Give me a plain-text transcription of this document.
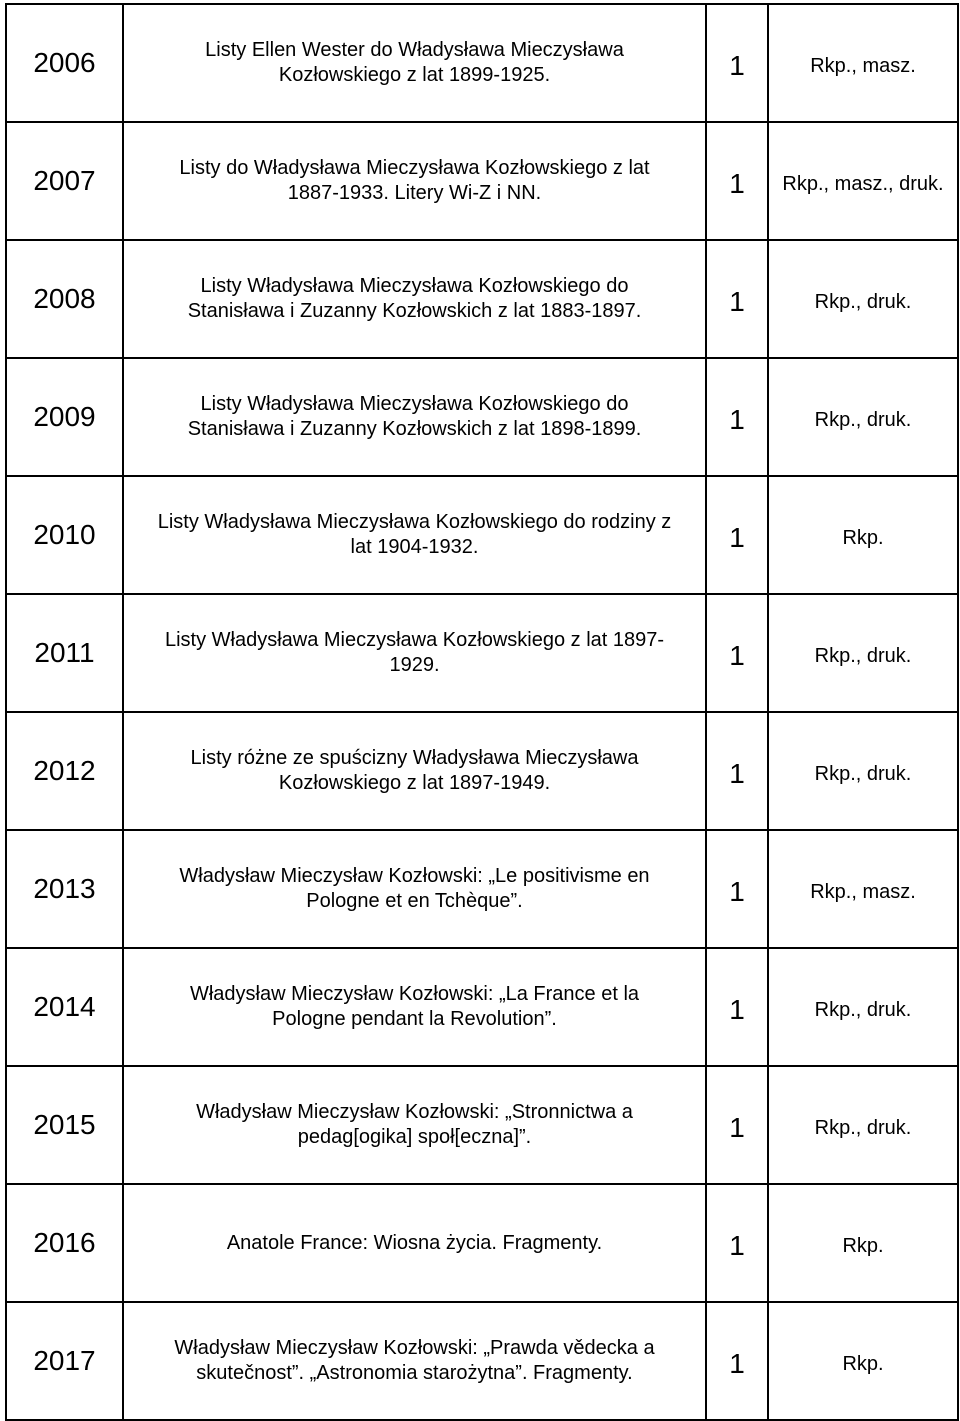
2006	Listy Ellen Wester do Władysława Mieczysława
Kozłowskiego z lat 1899-1925.	1	Rkp., masz.
2007	Listy do Władysława Mieczysława Kozłowskiego z lat
1887-1933. Litery Wi-Z i NN.	1	Rkp., masz., druk.
2008	Listy Władysława Mieczysława Kozłowskiego do
Stanisława i Zuzanny Kozłowskich z lat 1883-1897.	1	Rkp., druk.
2009	Listy Władysława Mieczysława Kozłowskiego do
Stanisława i Zuzanny Kozłowskich z lat 1898-1899.	1	Rkp., druk.
2010	Listy Władysława Mieczysława Kozłowskiego do rodziny z
lat 1904-1932.	1	Rkp.
2011	Listy Władysława Mieczysława Kozłowskiego z lat 1897-
1929.	1	Rkp., druk.
2012	Listy różne ze spuścizny Władysława Mieczysława
Kozłowskiego z lat 1897-1949.	1	Rkp., druk.
2013	Władysław Mieczysław Kozłowski: „Le positivisme en
Pologne et en Tchèque”.	1	Rkp., masz.
2014	Władysław Mieczysław Kozłowski: „La France et la
Pologne pendant la Revolution”.	1	Rkp., druk.
2015	Władysław Mieczysław Kozłowski: „Stronnictwa a
pedag[ogika] społ[eczna]”.	1	Rkp., druk.
2016	Anatole France: Wiosna życia. Fragmenty.	1	Rkp.
2017	Władysław Mieczysław Kozłowski: „Prawda vědecka a
skutečnost”. „Astronomia starożytna”. Fragmenty.	1	Rkp.
